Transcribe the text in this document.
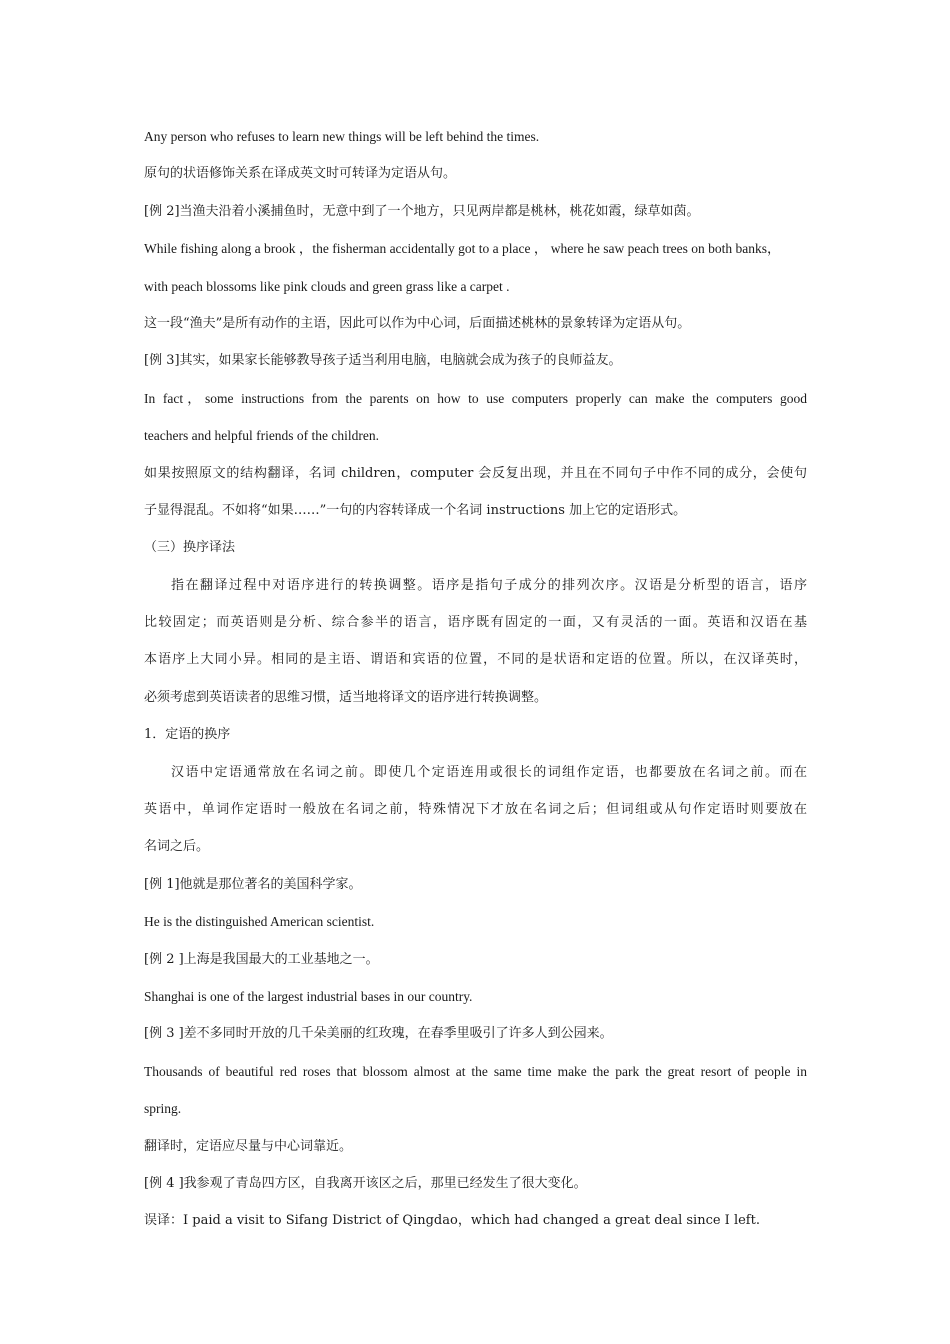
Any person who refuses to learn new things will be left behind the times.
原句的状语修饰关系在译成英文时可转译为定语从句。
[例 2]当渔夫沿着小溪捕鱼时，无意中到了一个地方，只见两岸都是桃林，桃花如霞，绿草如茵。
While fishing along a brook ，the fisherman accidentally got to a place ， where he saw peach trees on both banks，
with peach blossoms like pink clouds and green grass like a carpet .
这一段“渔夫”是所有动作的主语，因此可以作为中心词，后面描述桃林的景象转译为定语从句。
[例 3]其实，如果家长能够教导孩子适当利用电脑，电脑就会成为孩子的良师益友。
In fact，some instructions from the parents on how to use computers properly can make the computers good
teachers and helpful friends of the children.
如果按照原文的结构翻译，名词 children，computer 会反复出现，并且在不同句子中作不同的成分，会使句
子显得混乱。不如将“如果……”一句的内容转译成一个名词 instructions 加上它的定语形式。
（三）换序译法
指在翻译过程中对语序进行的转换调整。语序是指句子成分的排列次序。汉语是分析型的语言，语序
比较固定；而英语则是分析、综合参半的语言，语序既有固定的一面，又有灵活的一面。英语和汉语在基
本语序上大同小异。相同的是主语、谓语和宾语的位置，不同的是状语和定语的位置。所以，在汉译英时，
必须考虑到英语读者的思维习惯，适当地将译文的语序进行转换调整。
1．定语的换序
汉语中定语通常放在名词之前。即使几个定语连用或很长的词组作定语，也都要放在名词之前。而在
英语中，单词作定语时一般放在名词之前，特殊情况下才放在名词之后；但词组或从句作定语时则要放在
名词之后。
[例 1]他就是那位著名的美国科学家。
He is the distinguished American scientist.
[例 2 ]上海是我国最大的工业基地之一。
Shanghai is one of the largest industrial bases in our country.
[例 3 ]差不多同时开放的几千朵美丽的红玫瑰，在春季里吸引了许多人到公园来。
Thousands of beautiful red roses that blossom almost at the same time make the park the great resort of people in
spring.
翻译时，定语应尽量与中心词靠近。
[例 4 ]我参观了青岛四方区，自我离开该区之后，那里已经发生了很大变化。
误译：I paid a visit to Sifang District of Qingdao，which had changed a great deal since I left.
